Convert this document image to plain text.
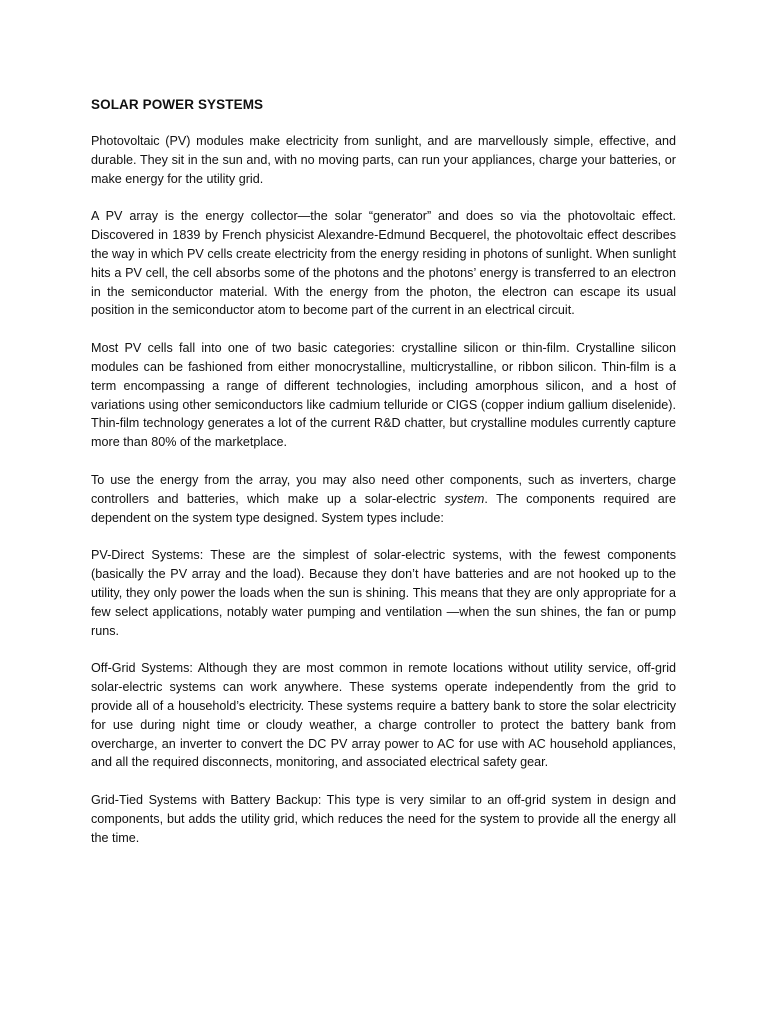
SOLAR POWER SYSTEMS

Photovoltaic (PV) modules make electricity from sunlight, and are marvellously simple, effective, and durable. They sit in the sun and, with no moving parts, can run your appliances, charge your batteries, or make energy for the utility grid.

A PV array is the energy collector—the solar “generator” and does so via the photovoltaic effect. Discovered in 1839 by French physicist Alexandre-Edmund Becquerel, the photovoltaic effect describes the way in which PV cells create electricity from the energy residing in photons of sunlight. When sunlight hits a PV cell, the cell absorbs some of the photons and the photons’ energy is transferred to an electron in the semiconductor material. With the energy from the photon, the electron can escape its usual position in the semiconductor atom to become part of the current in an electrical circuit.

Most PV cells fall into one of two basic categories: crystalline silicon or thin-film. Crystalline silicon modules can be fashioned from either monocrystalline, multicrystalline, or ribbon silicon. Thin-film is a term encompassing a range of different technologies, including amorphous silicon, and a host of variations using other semiconductors like cadmium telluride or CIGS (copper indium gallium diselenide). Thin-film technology generates a lot of the current R&D chatter, but crystalline modules currently capture more than 80% of the marketplace.

To use the energy from the array, you may also need other components, such as inverters, charge controllers and batteries, which make up a solar-electric system. The components required are dependent on the system type designed. System types include:

PV-Direct Systems: These are the simplest of solar-electric systems, with the fewest components (basically the PV array and the load). Because they don’t have batteries and are not hooked up to the utility, they only power the loads when the sun is shining. This means that they are only appropriate for a few select applications, notably water pumping and ventilation —when the sun shines, the fan or pump runs.

Off-Grid Systems: Although they are most common in remote locations without utility service, off-grid solar-electric systems can work anywhere. These systems operate independently from the grid to provide all of a household’s electricity. These systems require a battery bank to store the solar electricity for use during night time or cloudy weather, a charge controller to protect the battery bank from overcharge, an inverter to convert the DC PV array power to AC for use with AC household appliances, and all the required disconnects, monitoring, and associated electrical safety gear.

Grid-Tied Systems with Battery Backup: This type is very similar to an off-grid system in design and components, but adds the utility grid, which reduces the need for the system to provide all the energy all the time.
